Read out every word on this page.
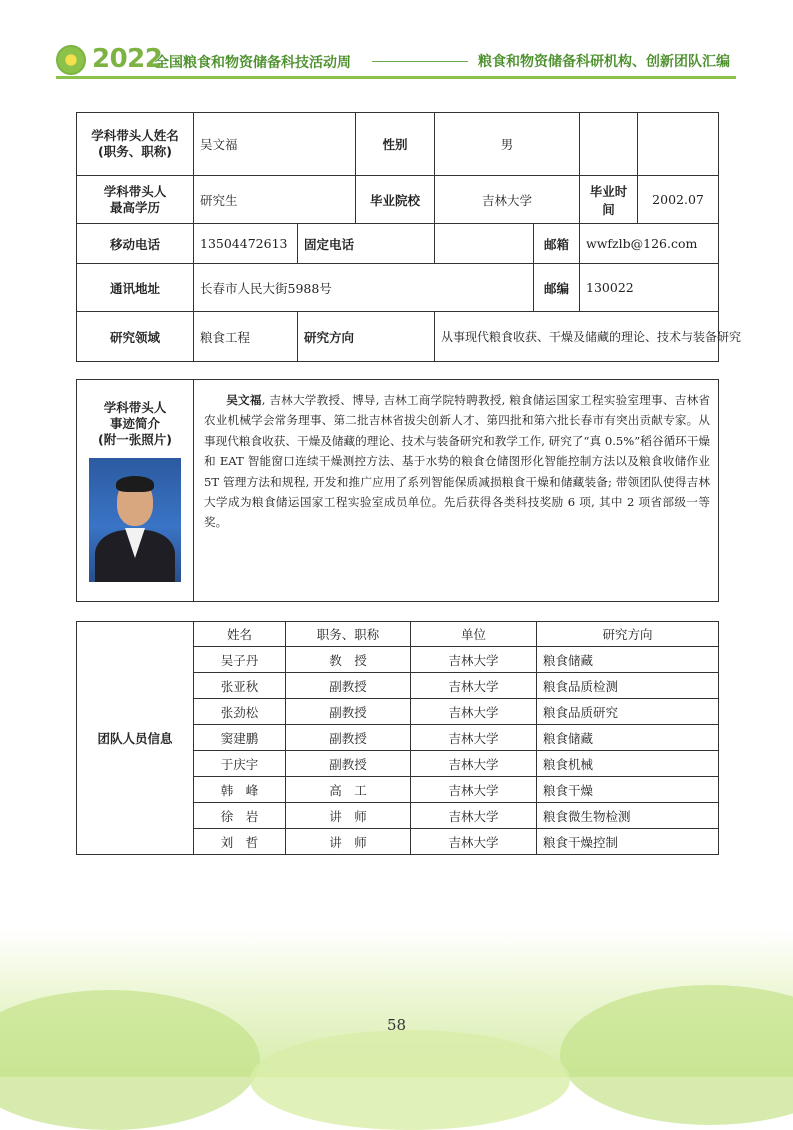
2022
全国粮食和物资储备科技活动周	粮食和物资储备科研机构、创新团队汇编
学科带头人姓名
(职务、职称)	吴文福		性别	男			
学科带头人
最高学历	研究生		毕业院校	吉林大学		毕业时间	2002.07
移动电话	13504472613	固定电话			邮箱	wwfzlb@126.com	
通讯地址	长春市人民大街5988号				邮编	130022	
研究领域	粮食工程	研究方向		从事现代粮食收获、干燥及储藏的理论、技术与装备研究			
学科带头人
事迹简介
(附一张照片)
	吴文福, 吉林大学教授、博导, 吉林工商学院特聘教授, 粮食储运国家工程实验室理事、吉林省农业机械学会常务理事、第二批吉林省拔尖创新人才、第四批和第六批长春市有突出贡献专家。从事现代粮食收获、干燥及储藏的理论、技术与装备研究和教学工作, 研究了“真 0.5%”稻谷循环干燥和 EAT 智能窗口连续干燥测控方法、基于水势的粮食仓储图形化智能控制方法以及粮食收储作业 5T 管理方法和规程, 开发和推广应用了系列智能保质减损粮食干燥和储藏装备; 带领团队使得吉林大学成为粮食储运国家工程实验室成员单位。先后获得各类科技奖励 6 项, 其中 2 项省部级一等奖。
团队人员信息	姓名	职务、职称	单位	研究方向
	吴子丹	教　授	吉林大学	粮食储藏
	张亚秋	副教授	吉林大学	粮食品质检测
	张劲松	副教授	吉林大学	粮食品质研究
	窦建鹏	副教授	吉林大学	粮食储藏
	于庆宇	副教授	吉林大学	粮食机械
	韩　峰	高　工	吉林大学	粮食干燥
	徐　岩	讲　师	吉林大学	粮食微生物检测
	刘　哲	讲　师	吉林大学	粮食干燥控制
58
